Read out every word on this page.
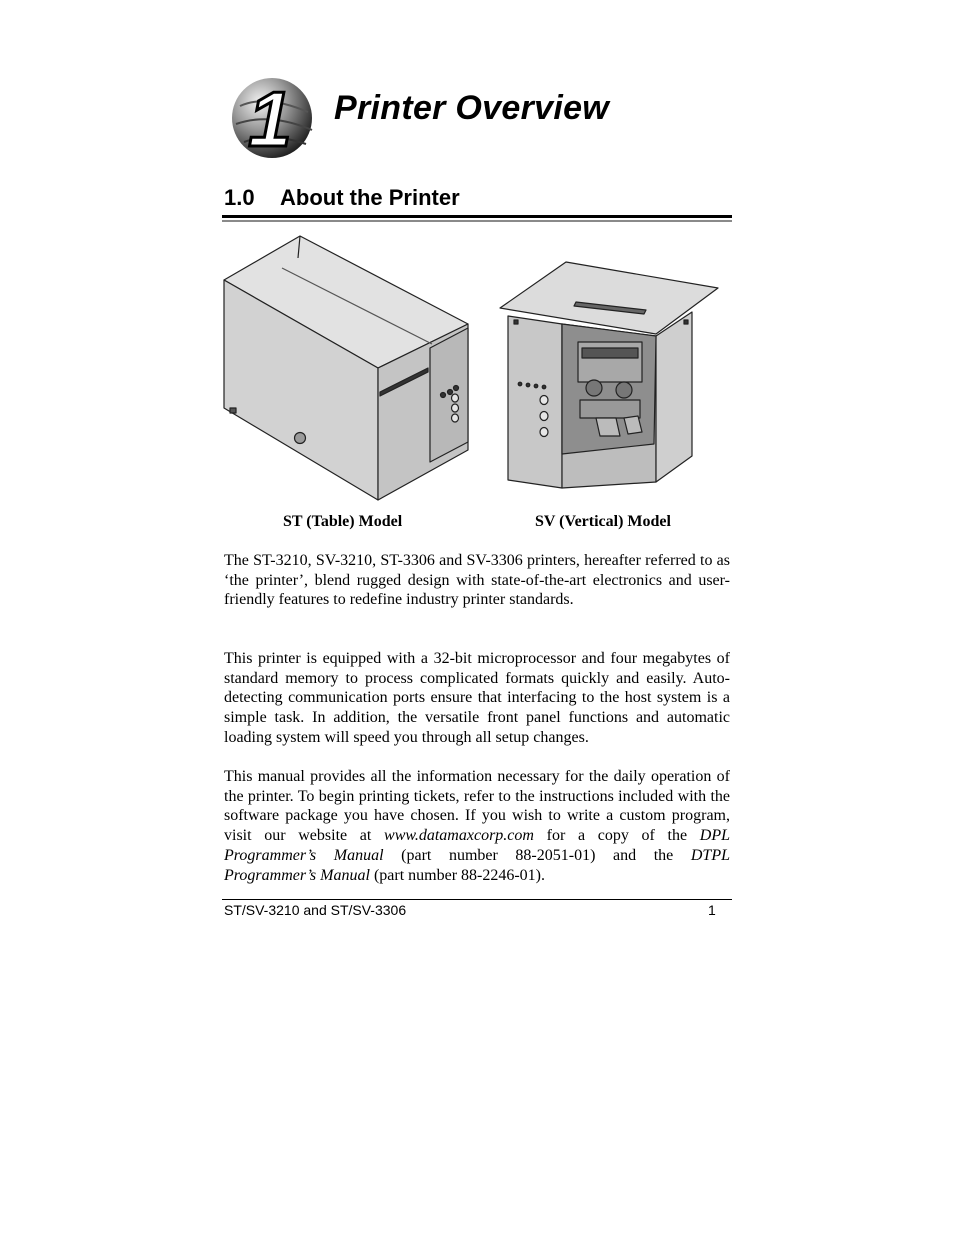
1 Printer Overview
1.0 About the Printer

ST (Table) Model	SV (Vertical) Model

The ST-3210, SV-3210, ST-3306 and SV-3306 printers, hereafter referred to as ‘the printer’, blend rugged design with state-of-the-art electronics and user-friendly features to redefine industry printer standards.

This printer is equipped with a 32-bit microprocessor and four megabytes of standard memory to process complicated formats quickly and easily. Auto-detecting communication ports ensure that interfacing to the host system is a simple task. In addition, the versatile front panel functions and automatic loading system will speed you through all setup changes.

This manual provides all the information necessary for the daily operation of the printer. To begin printing tickets, refer to the instructions included with the software package you have chosen. If you wish to write a custom program, visit our website at www.datamaxcorp.com for a copy of the DPL Programmer’s Manual (part number 88-2051-01) and the DTPL Programmer’s Manual (part number 88-2246-01).

ST/SV-3210 and ST/SV-3306	1
